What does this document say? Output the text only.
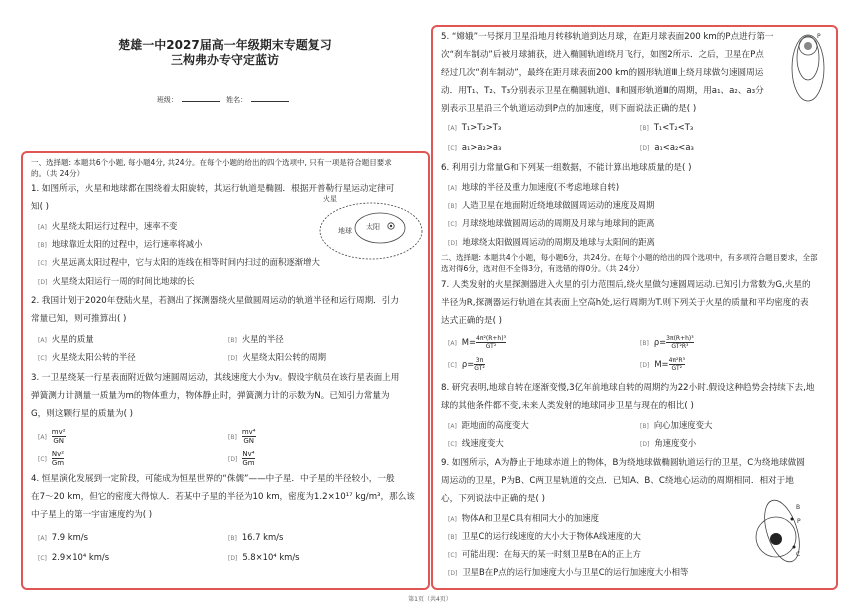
楚雄一中2027届高一年级期末专题复习
三构弗办专守定蓝访
班级：	姓名：
一、选择题: 本题共6个小题, 每小题4分, 共24分。在每个小题的给出的四个选项中, 只有一项是符合题目要求
的。（共 24分）
1. 如图所示，火星和地球都在围绕着太阳旋转，其运行轨道是椭圆．根据开普勒行星运动定律可
知( )
火星
地球 太阳
[A] 火星绕太阳运行过程中，速率不变
[B] 地球靠近太阳的过程中，运行速率将减小
[C] 火星远离太阳过程中，它与太阳的连线在相等时间内扫过的面积逐渐增大
[D] 火星绕太阳运行一周的时间比地球的长
2. 我国计划于2020年登陆火星，若测出了探测器绕火星做圆周运动的轨道半径和运行周期．引力
常量已知，则可推算出( )
[A] 火星的质量	[B] 火星的半径
[C] 火星绕太阳公转的半径	[D] 火星绕太阳公转的周期
3. 一卫星绕某一行星表面附近做匀速圆周运动，其线速度大小为v。假设宇航员在该行星表面上用
弹簧测力计测量一质量为m的物体重力，物体静止时，弹簧测力计的示数为N。已知引力常量为
G，则这颗行星的质量为( )
$[A] \frac{\text{mv²}}{GN}$	$[B] \frac{\text{mv⁴}}{GN}$
$[C] \frac{\text{Nv²}}{Gm}$	$[D] \frac{\text{Nv⁴}}{Gm}$
4. 恒星演化发展到一定阶段，可能成为恒星世界的“侏儒”——中子星．中子星的半径较小，一般
在7～20 km，但它的密度大得惊人．若某中子星的半径为10 km，密度为1.2×10¹⁷ kg/m³，那么该
中子星上的第一宇宙速度约为( )
[A] 7.9 km/s	[B] 16.7 km/s
[C] 2.9×10⁴ km/s	[D] 5.8×10⁴ km/s
5. “嫦娥”一号探月卫星沿地月转移轨道到达月球，在距月球表面200 km的P点进行第一
次“刹车制动”后被月球捕获，进入椭圆轨道Ⅰ绕月飞行，如图2所示．之后，卫星在P点
经过几次“刹车制动”，最终在距月球表面200 km的圆形轨道Ⅲ上绕月球做匀速圆周运
动．用T₁、T₂、T₃分别表示卫星在椭圆轨道Ⅰ、Ⅱ和圆形轨道Ⅲ的周期，用a₁、a₂、a₃分
别表示卫星沿三个轨道运动到P点的加速度，则下面说法正确的是( )
P
[A] T₁>T₂>T₃	[B] T₁<T₂<T₃
[C] a₁>a₂>a₃	[D] a₁<a₂<a₃
6. 利用引力常量G和下列某一组数据，不能计算出地球质量的是( )
[A] 地球的半径及重力加速度(不考虑地球自转)
[B] 人造卫星在地面附近绕地球做圆周运动的速度及周期
[C] 月球绕地球做圆周运动的周期及月球与地球间的距离
[D] 地球绕太阳做圆周运动的周期及地球与太阳间的距离
二、选择题: 本题共4个小题，每小题6分，共24分。在每个小题的给出的四个选项中，有多项符合题目要求，全部
选对得6分，选对但不全得3分，有选错的得0分。（共 24分）
7. 人类发射的火星探测器进入火星的引力范围后,绕火星做匀速圆周运动.已知引力常数为G,火星的
半径为R,探测器运行轨道在其表面上空高h处,运行周期为T.则下列关于火星的质量和平均密度的表
达式正确的是( )
[A] $M= \frac{\text{4π²(R+h)³}}{\text{GT²}}$	[B] $\rho= \frac{\text{3π(R+h)³}}{\text{GT²R³}}$
[C] $\rho= \frac{3\pi}{\text{GT²}}$	[D] $M= \frac{\text{4π²R³}}{\text{GT²}}$
8. 研究表明,地球自转在逐渐变慢,3亿年前地球自转的周期约为22小时.假设这种趋势会持续下去,地
球的其他条件都不变,未来人类发射的地球同步卫星与现在的相比( )
[A] 距地面的高度变大	[B] 向心加速度变大
[C] 线速度变大	[D] 角速度变小
9. 如图所示，A为静止于地球赤道上的物体，B为绕地球做椭圆轨道运行的卫星，C为绕地球做圆
周运动的卫星，P为B、C两卫星轨道的交点．已知A、B、C绕地心运动的周期相同．相对于地
心，下列说法中正确的是( )
A
B
C
P
[A] 物体A和卫星C具有相同大小的加速度
[B] 卫星C的运行线速度的大小大于物体A线速度的大
[C] 可能出现：在每天的某一时刻卫星B在A的正上方
[D] 卫星B在P点的运行加速度大小与卫星C的运行加速度大小相等
第1页（共4页）
